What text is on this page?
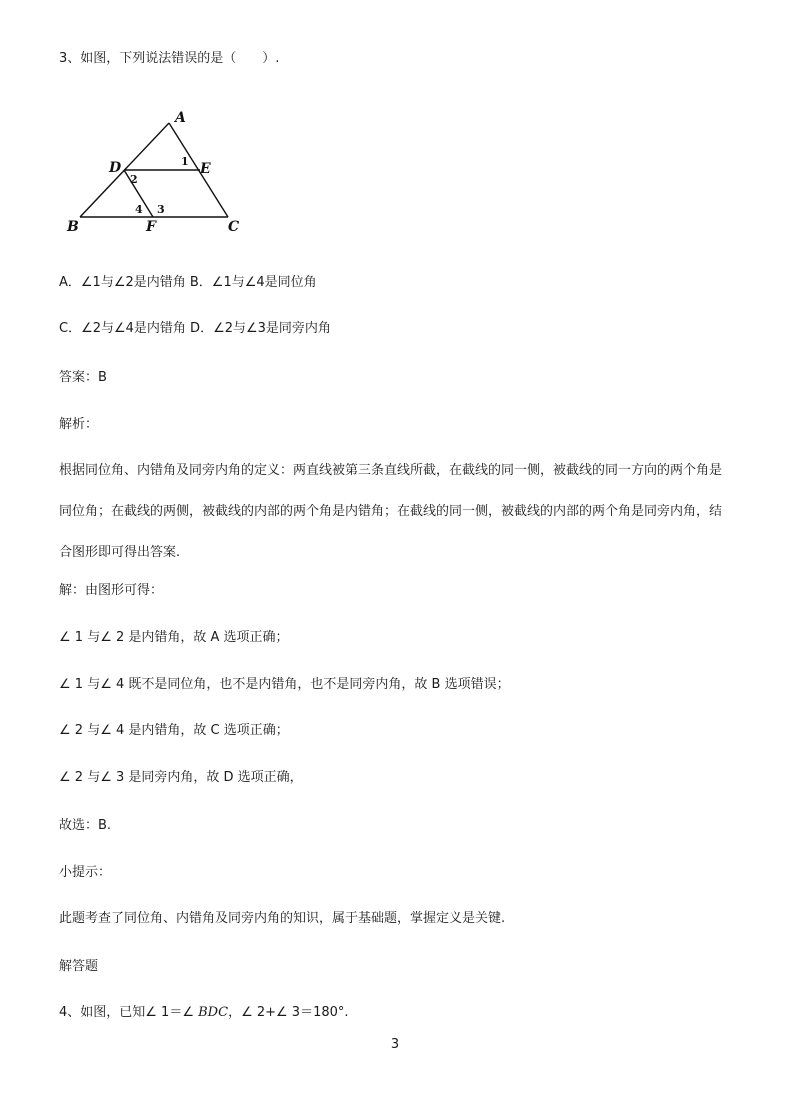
3、如图，下列说法错误的是（　　）.
A
D	E
B	F	C
1
2
4 3
A．∠1与∠2是内错角 B．∠1与∠4是同位角
C．∠2与∠4是内错角 D．∠2与∠3是同旁内角
答案：B
解析：
根据同位角、内错角及同旁内角的定义：两直线被第三条直线所截，在截线的同一侧，被截线的同一方向的两个角是同位角；在截线的两侧，被截线的内部的两个角是内错角；在截线的同一侧，被截线的内部的两个角是同旁内角，结合图形即可得出答案.
解：由图形可得：
∠ 1 与∠ 2 是内错角，故 A 选项正确；
∠ 1 与∠ 4 既不是同位角，也不是内错角，也不是同旁内角，故 B 选项错误；
∠ 2 与∠ 4 是内错角，故 C 选项正确；
∠ 2 与∠ 3 是同旁内角，故 D 选项正确，
故选：B.
小提示：
此题考查了同位角、内错角及同旁内角的知识，属于基础题，掌握定义是关键.
解答题
4、如图，已知∠ 1＝∠ BDC，∠ 2+∠ 3＝180°.
3
